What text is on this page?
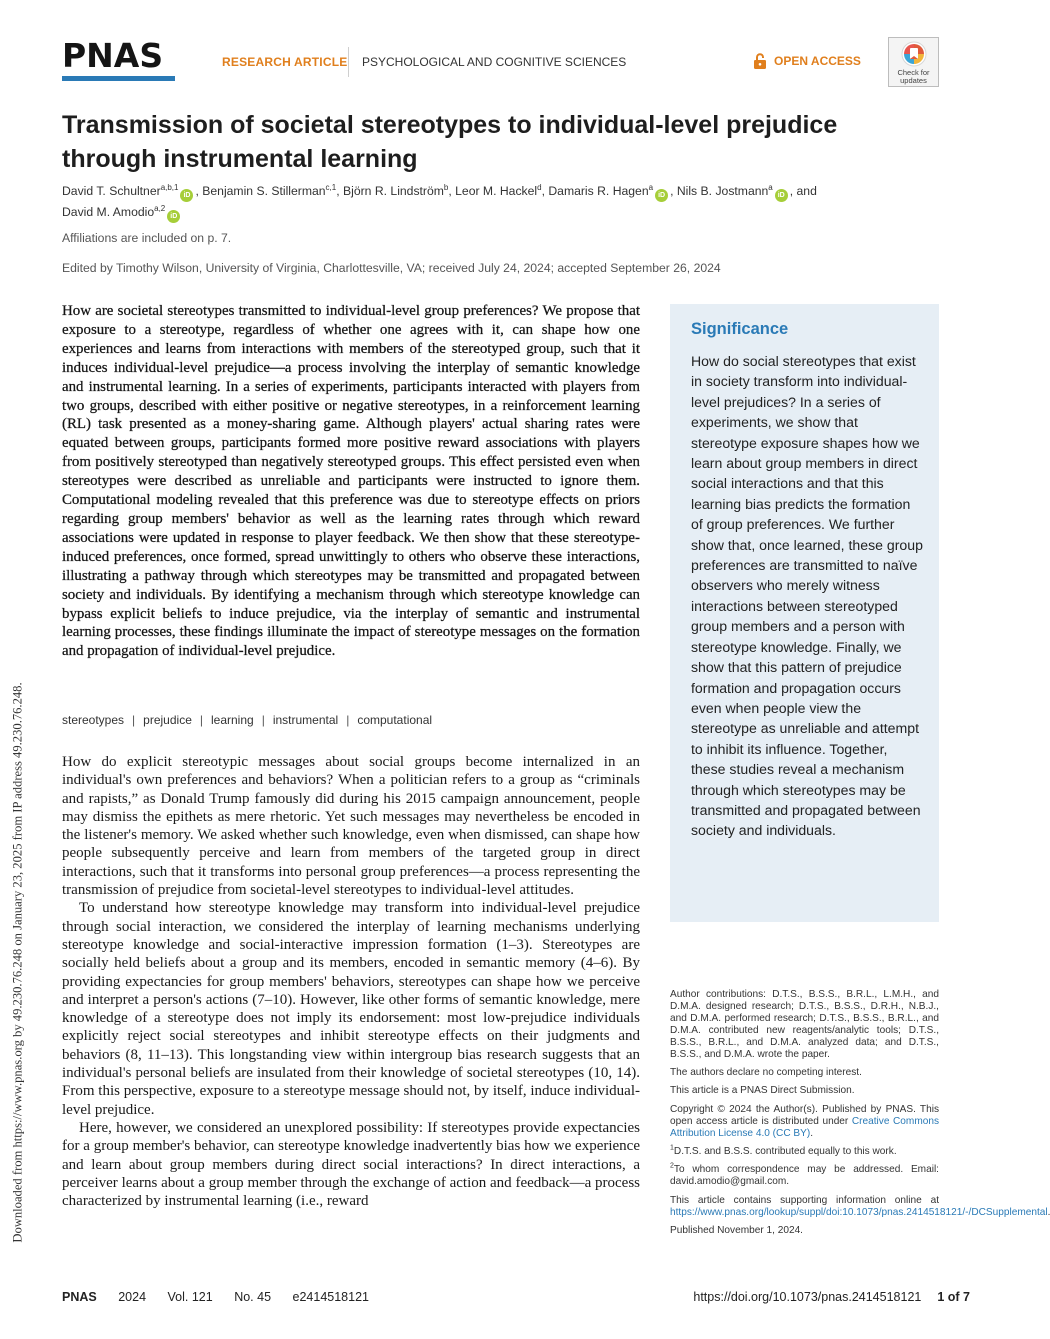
Downloaded from https://www.pnas.org by 49.230.76.248 on January 23, 2025 from IP address 49.230.76.248.
PNAS	RESEARCH ARTICLE PSYCHOLOGICAL AND COGNITIVE SCIENCES	OPEN ACCESS
Check for updates
Transmission of societal stereotypes to individual-level prejudice through instrumental learning
David T. Schultner$^{a,b,1}$iD , Benjamin S. Stillerman$^{c,1}$, Björn R. Lindström$^b$, Leor M. Hackel$^d$, Damaris R. Hagen$^a$iD , Nils B. Jostmann$^a$iD , and David M. Amodio$^{a,2}$iD
Affiliations are included on p. 7.
Edited by Timothy Wilson, University of Virginia, Charlottesville, VA; received July 24, 2024; accepted September 26, 2024
How are societal stereotypes transmitted to individual-level group preferences? We propose that exposure to a stereotype, regardless of whether one agrees with it, can shape how one experiences and learns from interactions with members of the stereotyped group, such that it induces individual-level prejudice—a process involving the interplay of semantic knowledge and instrumental learning. In a series of experiments, participants interacted with players from two groups, described with either positive or negative stereotypes, in a reinforcement learning (RL) task presented as a money-sharing game. Although players' actual sharing rates were equated between groups, participants formed more positive reward associations with players from positively stereotyped than negatively stereotyped groups. This effect persisted even when stereotypes were described as unreliable and participants were instructed to ignore them. Computational modeling revealed that this preference was due to stereotype effects on priors regarding group members' behavior as well as the learning rates through which reward associations were updated in response to player feedback. We then show that these stereotype-induced preferences, once formed, spread unwittingly to others who observe these interactions, illustrating a pathway through which stereotypes may be transmitted and propagated between society and individuals. By identifying a mechanism through which stereotype knowledge can bypass explicit beliefs to induce prejudice, via the interplay of semantic and instrumental learning processes, these findings illuminate the impact of stereotype messages on the formation and propagation of individual-level prejudice.
stereotypes | prejudice | learning | instrumental | computational

How do explicit stereotypic messages about social groups become internalized in an individual's own preferences and behaviors? When a politician refers to a group as “criminals and rapists,” as Donald Trump famously did during his 2015 campaign announcement, people may dismiss the epithets as mere rhetoric. Yet such messages may nevertheless be encoded in the listener's memory. We asked whether such knowledge, even when dismissed, can shape how people subsequently perceive and learn from members of the targeted group in direct interactions, such that it transforms into personal group preferences—a process representing the transmission of prejudice from societal-level stereotypes to individual-level attitudes.

To understand how stereotype knowledge may transform into individual-level prejudice through social interaction, we considered the interplay of learning mechanisms underlying stereotype knowledge and social-interactive impression formation (1–3). Stereotypes are socially held beliefs about a group and its members, encoded in semantic memory (4–6). By providing expectancies for group members' behaviors, stereotypes can shape how we perceive and interpret a person's actions (7–10). However, like other forms of semantic knowledge, mere knowledge of a stereotype does not imply its endorsement: most low-prejudice individuals explicitly reject social stereotypes and inhibit stereotype effects on their judgments and behaviors (8, 11–13). This longstanding view within intergroup bias research suggests that an individual's personal beliefs are insulated from their knowledge of societal stereotypes (10, 14). From this perspective, exposure to a stereotype message should not, by itself, induce individual-level prejudice.

Here, however, we considered an unexplored possibility: If stereotypes provide expectancies for a group member's behavior, can stereotype knowledge inadvertently bias how we experience and learn about group members during direct social interactions? In direct interactions, a perceiver learns about a group member through the exchange of action and feedback—a process characterized by instrumental learning (i.e., reward

Significance
How do social stereotypes that exist in society transform into individual-level prejudices? In a series of experiments, we show that stereotype exposure shapes how we learn about group members in direct social interactions and that this learning bias predicts the formation of group preferences. We further show that, once learned, these group preferences are transmitted to naïve observers who merely witness interactions between stereotyped group members and a person with stereotype knowledge. Finally, we show that this pattern of prejudice formation and propagation occurs even when people view the stereotype as unreliable and attempt to inhibit its influence. Together, these studies reveal a mechanism through which stereotypes may be transmitted and propagated between society and individuals.

Author contributions: D.T.S., B.S.S., B.R.L., L.M.H., and D.M.A. designed research; D.T.S., B.S.S., D.R.H., N.B.J., and D.M.A. performed research; D.T.S., B.S.S., B.R.L., and D.M.A. contributed new reagents/analytic tools; D.T.S., B.S.S., B.R.L., and D.M.A. analyzed data; and D.T.S., B.S.S., and D.M.A. wrote the paper.

The authors declare no competing interest.

This article is a PNAS Direct Submission.

Copyright © 2024 the Author(s). Published by PNAS. This open access article is distributed under Creative Commons Attribution License 4.0 (CC BY).

$^1$D.T.S. and B.S.S. contributed equally to this work.

$^2$To whom correspondence may be addressed. Email: david.amodio@gmail.com.

This article contains supporting information online at https://www.pnas.org/lookup/suppl/doi:10.1073/pnas.2414518121/-/DCSupplemental

Published November 1, 2024.

PNAS 2024 Vol. 121 No. 45 e2414518121	https://doi.org/10.1073/pnas.2414518121 1 of 7
